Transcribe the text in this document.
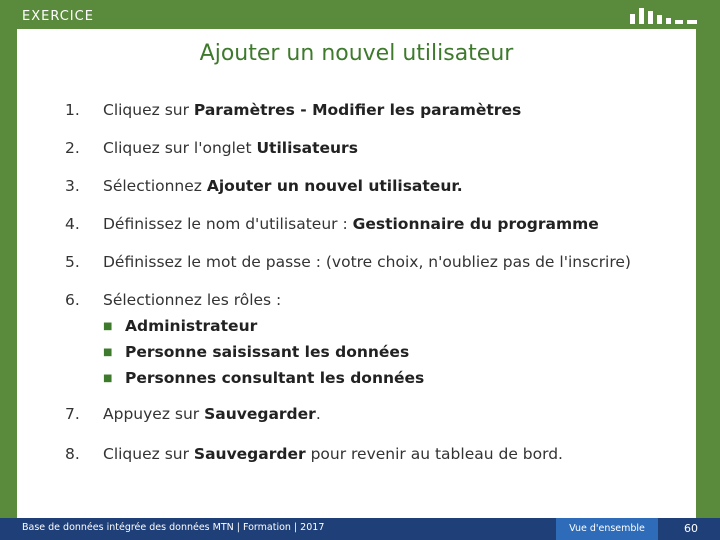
EXERCICE
Ajouter un nouvel utilisateur
1.	Cliquez sur Paramètres - Modifier les paramètres
2.	Cliquez sur l'onglet Utilisateurs
3.	Sélectionnez Ajouter un nouvel utilisateur.
4.	Définissez le nom d'utilisateur : Gestionnaire du programme
5.	Définissez le mot de passe : (votre choix, n'oubliez pas de l'inscrire)
6.	Sélectionnez les rôles :
■ Administrateur
■ Personne saisissant les données
■ Personnes consultant les données
7.	Appuyez sur Sauvegarder.
8.	Cliquez sur Sauvegarder pour revenir au tableau de bord.
Base de données intégrée des données MTN | Formation | 2017	Vue d'ensemble	60
